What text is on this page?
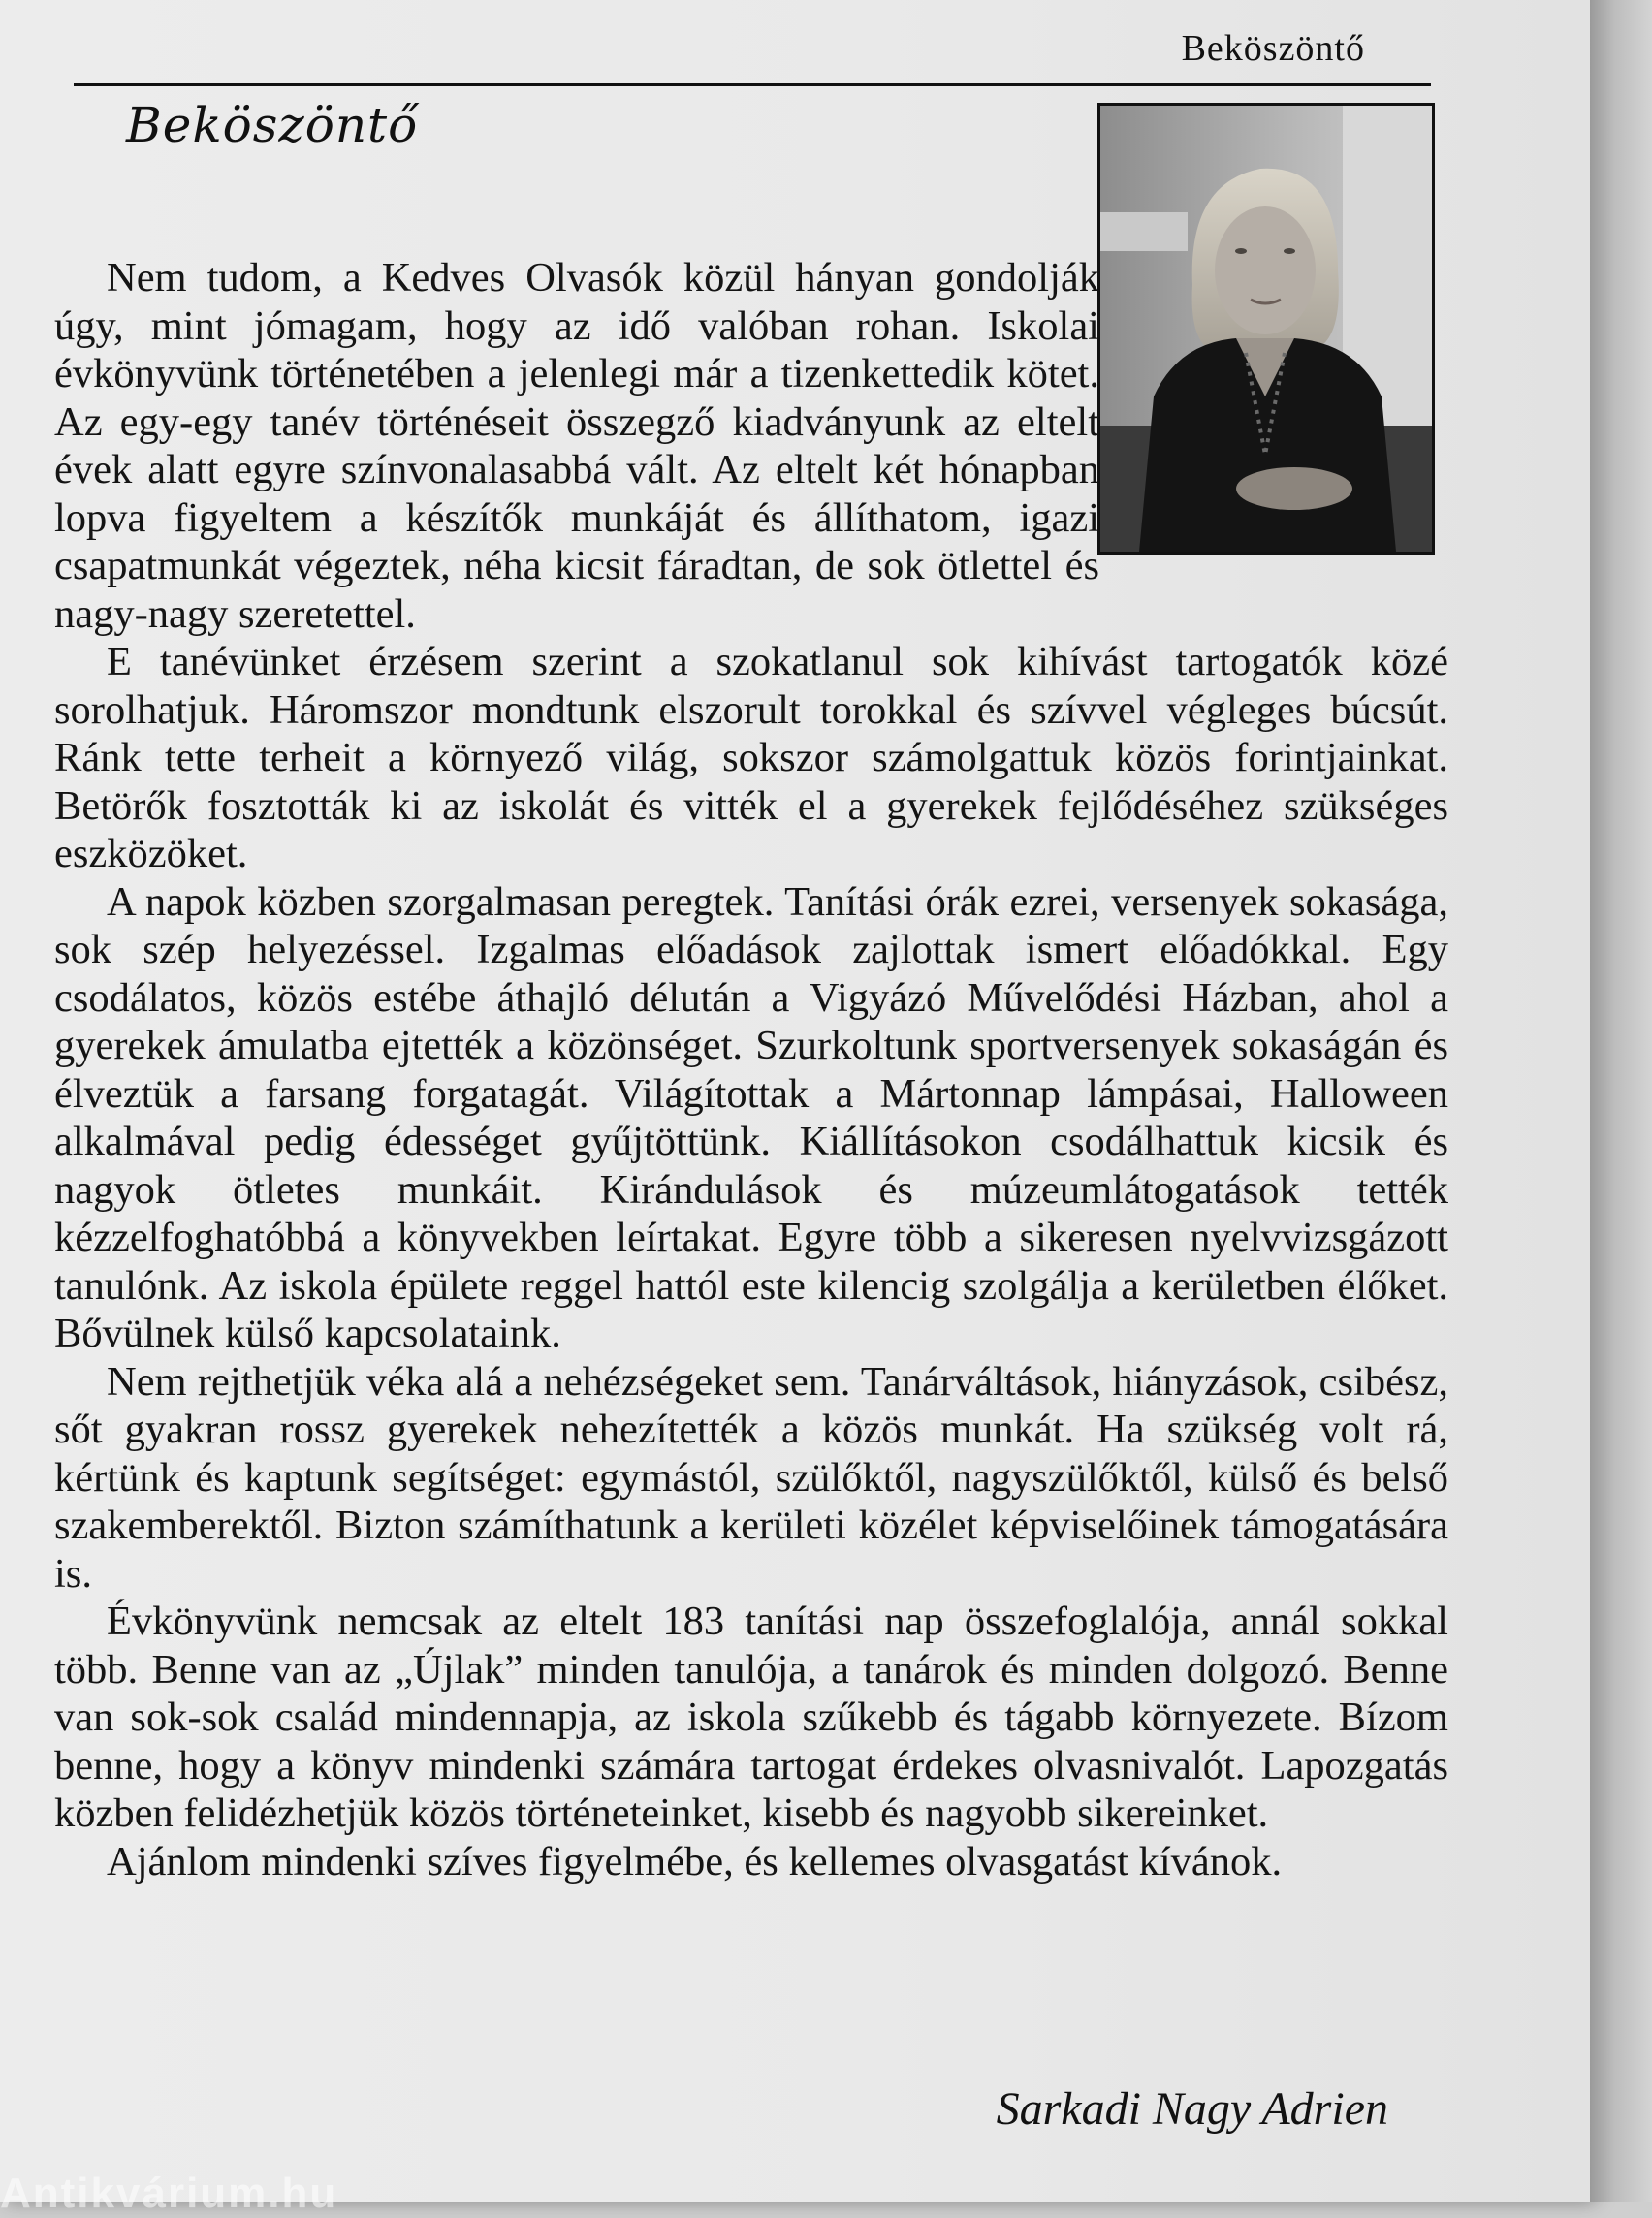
Beköszöntő
Beköszöntő

Nem tudom, a Kedves Olvasók közül hányan gondolják úgy, mint jómagam, hogy az idő valóban rohan. Iskolai évkönyvünk történetében a jelenlegi már a tizenkettedik kötet. Az egy-egy tanév történéseit összegző kiadványunk az eltelt évek alatt egyre színvonalasabbá vált. Az eltelt két hónapban lopva figyeltem a készítők munkáját és állíthatom, igazi csapatmunkát végeztek, néha kicsit fáradtan, de sok ötlettel és nagy-nagy szeretettel.

E tanévünket érzésem szerint a szokatlanul sok kihívást tartogatók közé sorolhatjuk. Háromszor mondtunk elszorult torokkal és szívvel végleges búcsút. Ránk tette terheit a környező világ, sokszor számolgattuk közös forintjainkat. Betörők fosztották ki az iskolát és vitték el a gyerekek fejlődéséhez szükséges eszközöket.

A napok közben szorgalmasan peregtek. Tanítási órák ezrei, versenyek sokasága, sok szép helyezéssel. Izgalmas előadások zajlottak ismert előadókkal. Egy csodálatos, közös estébe áthajló délután a Vigyázó Művelődési Házban, ahol a gyerekek ámulatba ejtették a közönséget. Szurkoltunk sportversenyek sokaságán és élveztük a farsang forgatagát. Világítottak a Mártonnap lámpásai, Halloween alkalmával pedig édességet gyűjtöttünk. Kiállításokon csodálhattuk kicsik és nagyok ötletes munkáit. Kirándulások és múzeumlátogatások tették kézzelfoghatóbbá a könyvekben leírtakat. Egyre több a sikeresen nyelvvizsgázott tanulónk. Az iskola épülete reggel hattól este kilencig szolgálja a kerületben élőket. Bővülnek külső kapcsolataink.

Nem rejthetjük véka alá a nehézségeket sem. Tanárváltások, hiányzások, csibész, sőt gyakran rossz gyerekek nehezítették a közös munkát. Ha szükség volt rá, kértünk és kaptunk segítséget: egymástól, szülőktől, nagyszülőktől, külső és belső szakemberektől. Bizton számíthatunk a kerületi közélet képviselőinek támogatására is.

Évkönyvünk nemcsak az eltelt 183 tanítási nap összefoglalója, annál sokkal több. Benne van az „Újlak” minden tanulója, a tanárok és minden dolgozó. Benne van sok-sok család mindennapja, az iskola szűkebb és tágabb környezete. Bízom benne, hogy a könyv mindenki számára tartogat érdekes olvasnivalót. Lapozgatás közben felidézhetjük közös történeteinket, kisebb és nagyobb sikereinket.

Ajánlom mindenki szíves figyelmébe, és kellemes olvasgatást kívánok.

Sarkadi Nagy Adrien
Antikvárium.hu
